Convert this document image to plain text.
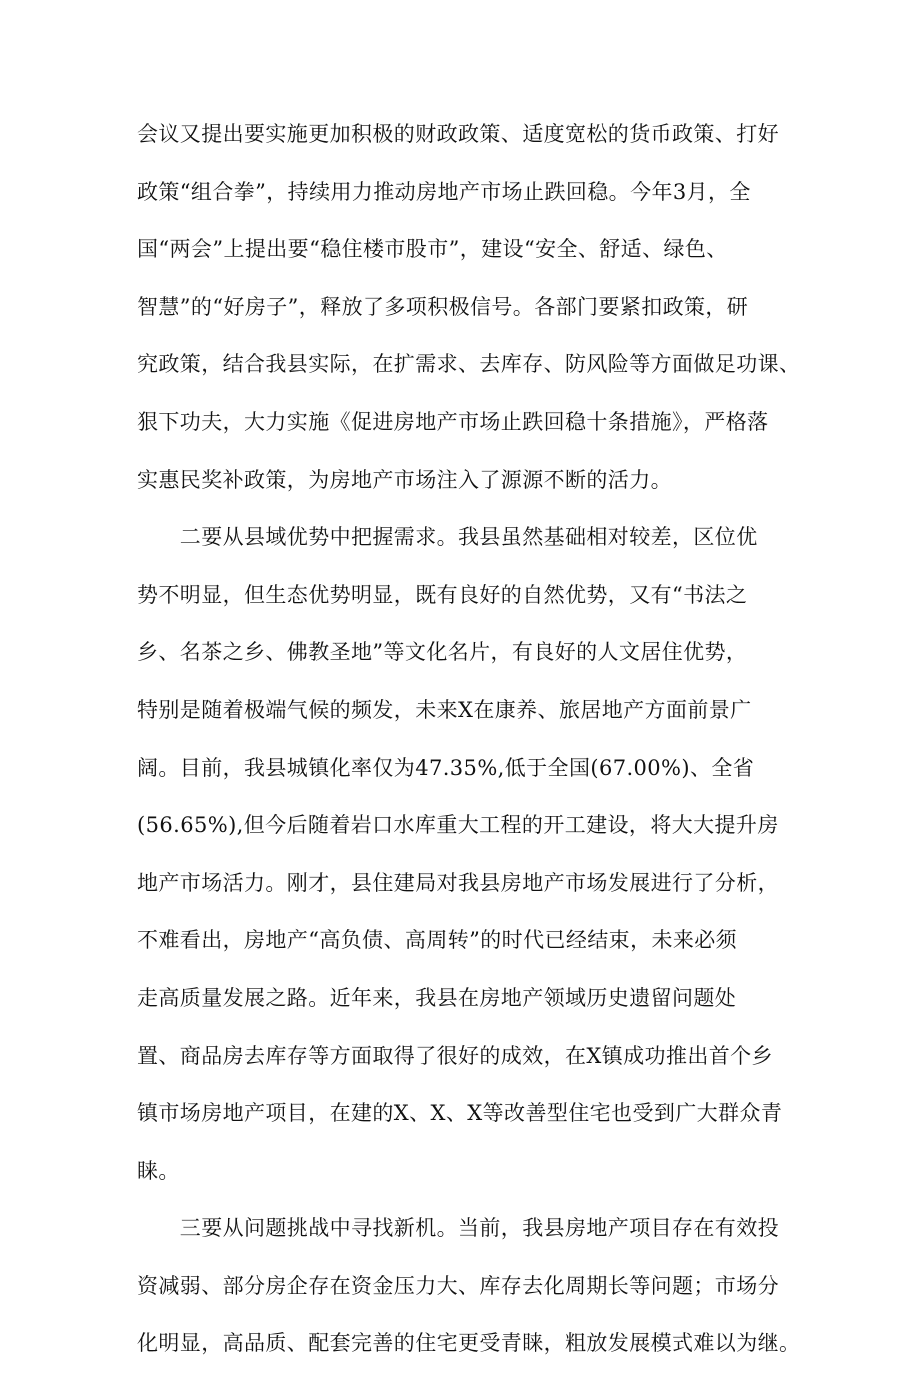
会议又提出要实施更加积极的财政政策、适度宽松的货币政策、打好
政策“组合拳”，持续用力推动房地产市场止跌回稳。今年3月，全
国“两会”上提出要“稳住楼市股市”，建设“安全、舒适、绿色、
智慧”的“好房子”，释放了多项积极信号。各部门要紧扣政策，研
究政策，结合我县实际，在扩需求、去库存、防风险等方面做足功课、
狠下功夫，大力实施《促进房地产市场止跌回稳十条措施》，严格落
实惠民奖补政策，为房地产市场注入了源源不断的活力。
　　二要从县域优势中把握需求。我县虽然基础相对较差，区位优
势不明显，但生态优势明显，既有良好的自然优势，又有“书法之
乡、名茶之乡、佛教圣地”等文化名片，有良好的人文居住优势，
特别是随着极端气候的频发，未来X在康养、旅居地产方面前景广
阔。目前，我县城镇化率仅为47.35%,低于全国(67.00%)、全省
(56.65%),但今后随着岩口水库重大工程的开工建设，将大大提升房
地产市场活力。刚才，县住建局对我县房地产市场发展进行了分析，
不难看出，房地产“高负债、高周转”的时代已经结束，未来必须
走高质量发展之路。近年来，我县在房地产领域历史遗留问题处
置、商品房去库存等方面取得了很好的成效，在X镇成功推出首个乡
镇市场房地产项目，在建的X、X、X等改善型住宅也受到广大群众青
睐。
　　三要从问题挑战中寻找新机。当前，我县房地产项目存在有效投
资减弱、部分房企存在资金压力大、库存去化周期长等问题；市场分
化明显，高品质、配套完善的住宅更受青睐，粗放发展模式难以为继。
